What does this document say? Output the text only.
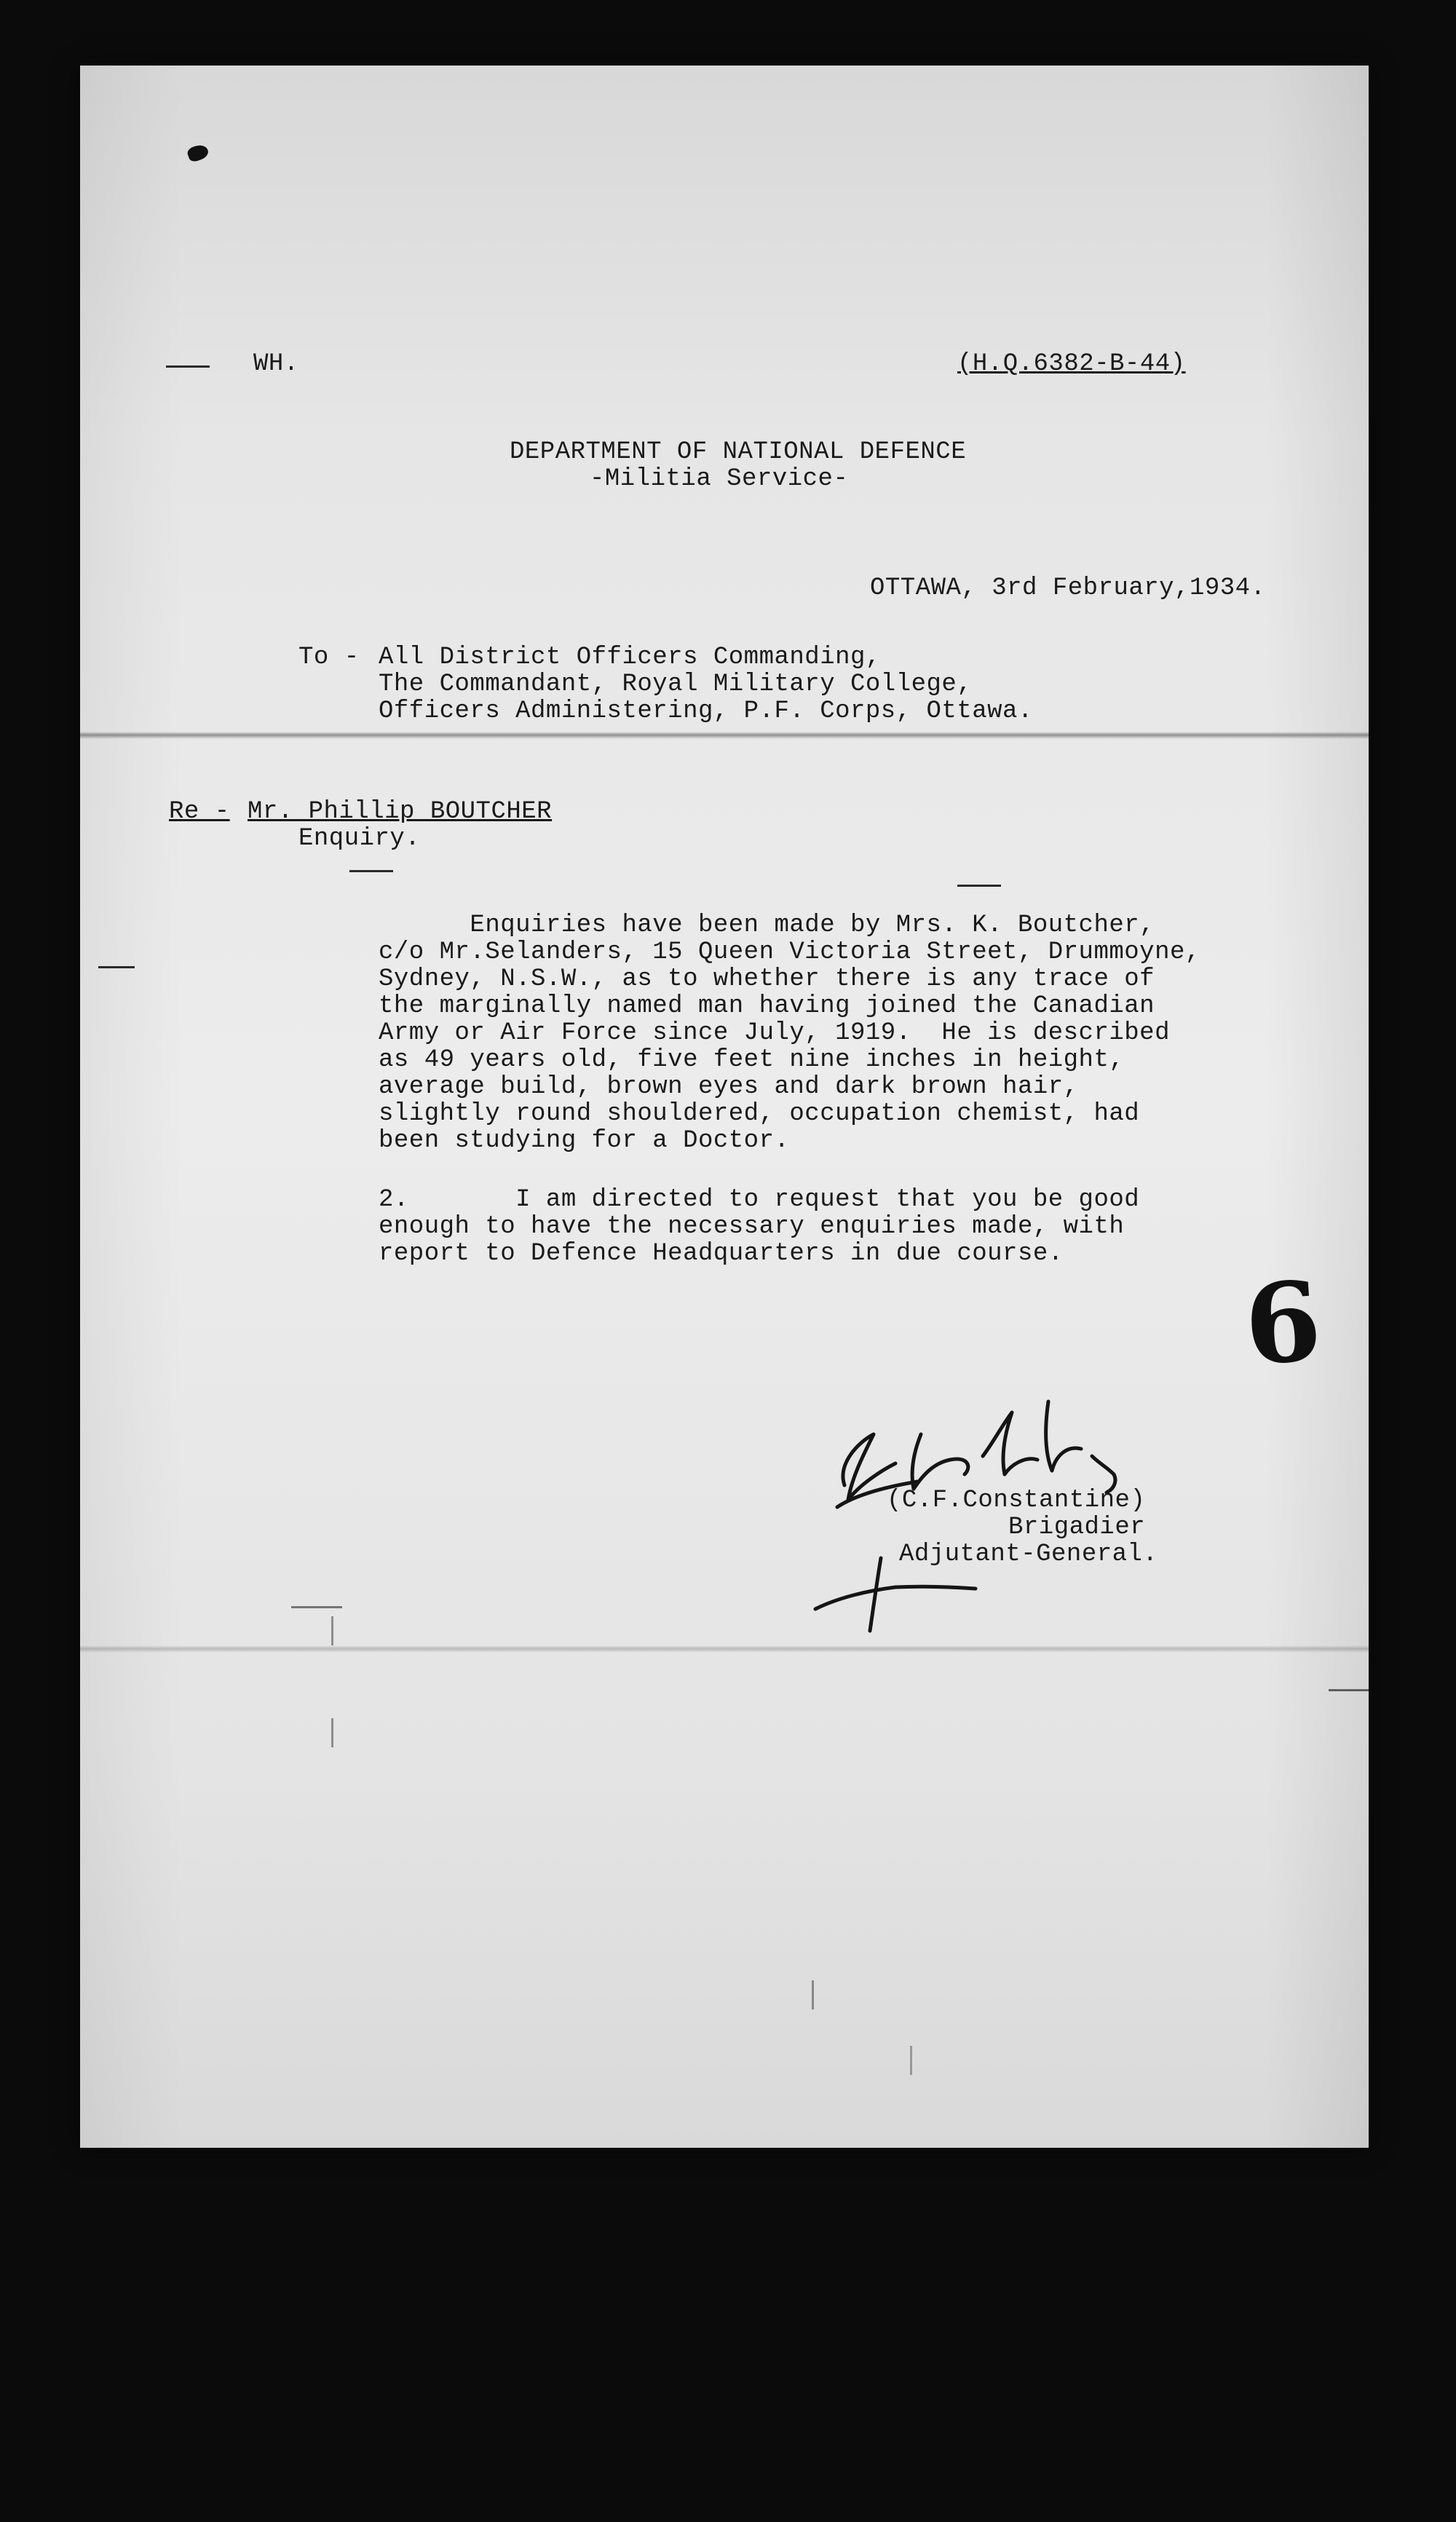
WH.	(H.Q.6382-B-44)
DEPARTMENT OF NATIONAL DEFENCE
-Militia Service-
OTTAWA, 3rd February,1934.
To - All District Officers Commanding,
The Commandant, Royal Military College,
Officers Administering, P.F. Corps, Ottawa.
Re - Mr. Phillip BOUTCHER
Enquiry.
Enquiries have been made by Mrs. K. Boutcher,
c/o Mr.Selanders, 15 Queen Victoria Street, Drummoyne,
Sydney, N.S.W., as to whether there is any trace of
the marginally named man having joined the Canadian
Army or Air Force since July, 1919.  He is described
as 49 years old, five feet nine inches in height,
average build, brown eyes and dark brown hair,
slightly round shouldered, occupation chemist, had
been studying for a Doctor.
2.       I am directed to request that you be good
enough to have the necessary enquiries made, with
report to Defence Headquarters in due course.
6
(C.F.Constantine)
Brigadier
Adjutant-General.
